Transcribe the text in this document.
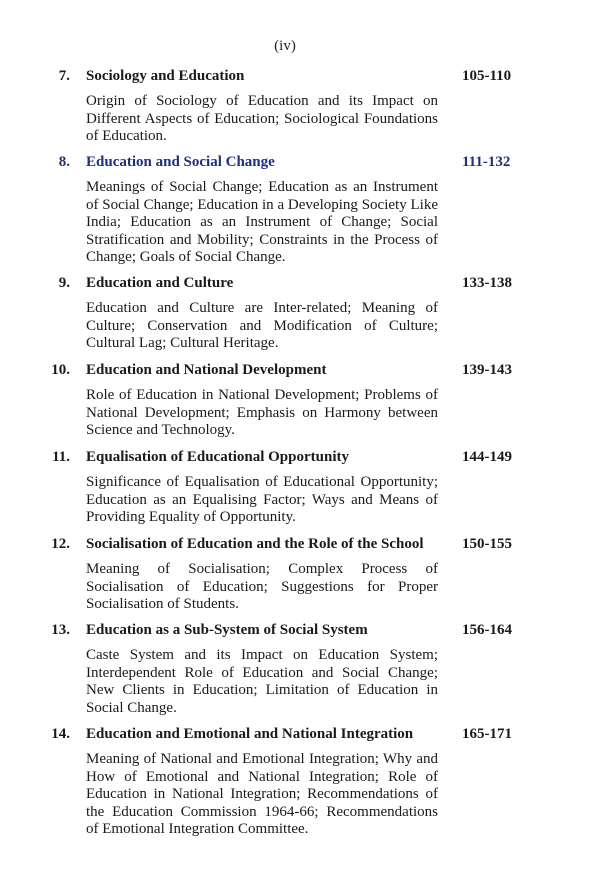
(iv)
7. Sociology and Education	105-110
Origin of Sociology of Education and its Impact on Different Aspects of Education; Sociological Foundations of Education.
8. Education and Social Change	111-132
Meanings of Social Change; Education as an Instrument of Social Change; Education in a Developing Society Like India; Education as an Instrument of Change; Social Stratification and Mobility; Constraints in the Process of Change; Goals of Social Change.
9. Education and Culture	133-138
Education and Culture are Inter-related; Meaning of Culture; Conservation and Modification of Culture; Cultural Lag; Cultural Heritage.
10. Education and National Development	139-143
Role of Education in National Development; Problems of National Development; Emphasis on Harmony between Science and Technology.
11. Equalisation of Educational Opportunity	144-149
Significance of Equalisation of Educational Opportunity; Education as an Equalising Factor; Ways and Means of Providing Equality of Opportunity.
12. Socialisation of Education and the Role of the School	150-155
Meaning of Socialisation; Complex Process of Socialisation of Education; Suggestions for Proper Socialisation of Students.
13. Education as a Sub-System of Social System	156-164
Caste System and its Impact on Education System; Interdependent Role of Education and Social Change; New Clients in Education; Limitation of Education in Social Change.
14. Education and Emotional and National Integration	165-171
Meaning of National and Emotional Integration; Why and How of Emotional and National Integration; Role of Education in National Integration; Recommendations of the Education Commission 1964-66; Recommendations of Emotional Integration Committee.
